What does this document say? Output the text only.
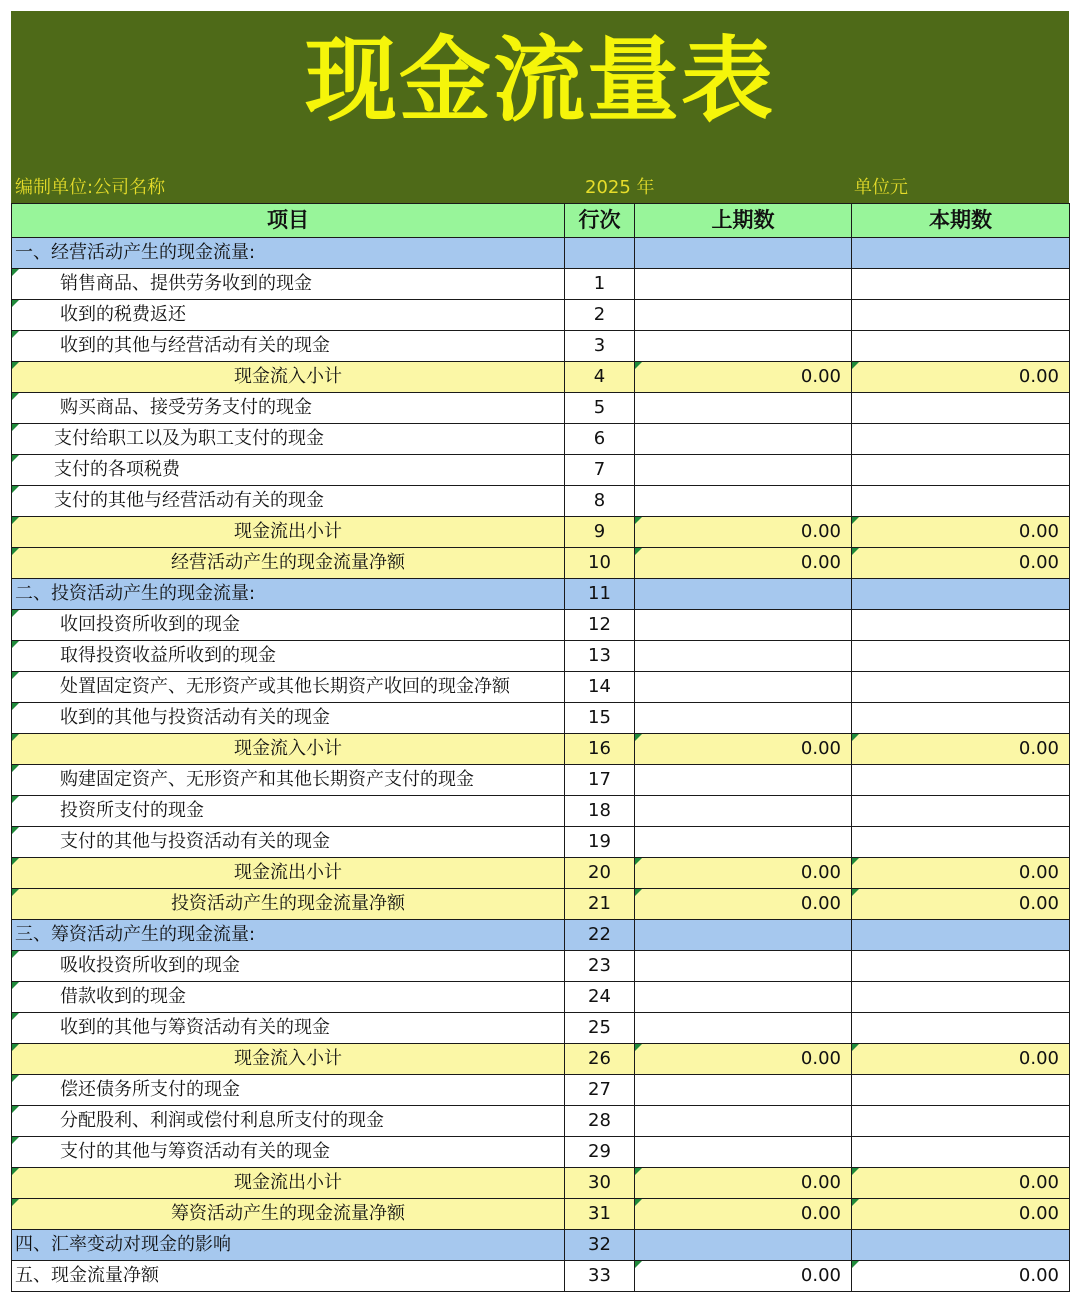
现金流量表
编制单位:公司名称	2025 年	单位元
项目	行次	上期数	本期数
一、经营活动产生的现金流量:			
销售商品、提供劳务收到的现金	1		
收到的税费返还	2		
收到的其他与经营活动有关的现金	3		
现金流入小计	4	0.00	0.00
购买商品、接受劳务支付的现金	5		
支付给职工以及为职工支付的现金	6		
支付的各项税费	7		
支付的其他与经营活动有关的现金	8		
现金流出小计	9	0.00	0.00
经营活动产生的现金流量净额	10	0.00	0.00
二、投资活动产生的现金流量:	11		
收回投资所收到的现金	12		
取得投资收益所收到的现金	13		
处置固定资产、无形资产或其他长期资产收回的现金净额	14		
收到的其他与投资活动有关的现金	15		
现金流入小计	16	0.00	0.00
购建固定资产、无形资产和其他长期资产支付的现金	17		
投资所支付的现金	18		
支付的其他与投资活动有关的现金	19		
现金流出小计	20	0.00	0.00
投资活动产生的现金流量净额	21	0.00	0.00
三、筹资活动产生的现金流量:	22		
吸收投资所收到的现金	23		
借款收到的现金	24		
收到的其他与筹资活动有关的现金	25		
现金流入小计	26	0.00	0.00
偿还债务所支付的现金	27		
分配股利、利润或偿付利息所支付的现金	28		
支付的其他与筹资活动有关的现金	29		
现金流出小计	30	0.00	0.00
筹资活动产生的现金流量净额	31	0.00	0.00
四、汇率变动对现金的影响	32		
五、现金流量净额	33	0.00	0.00
